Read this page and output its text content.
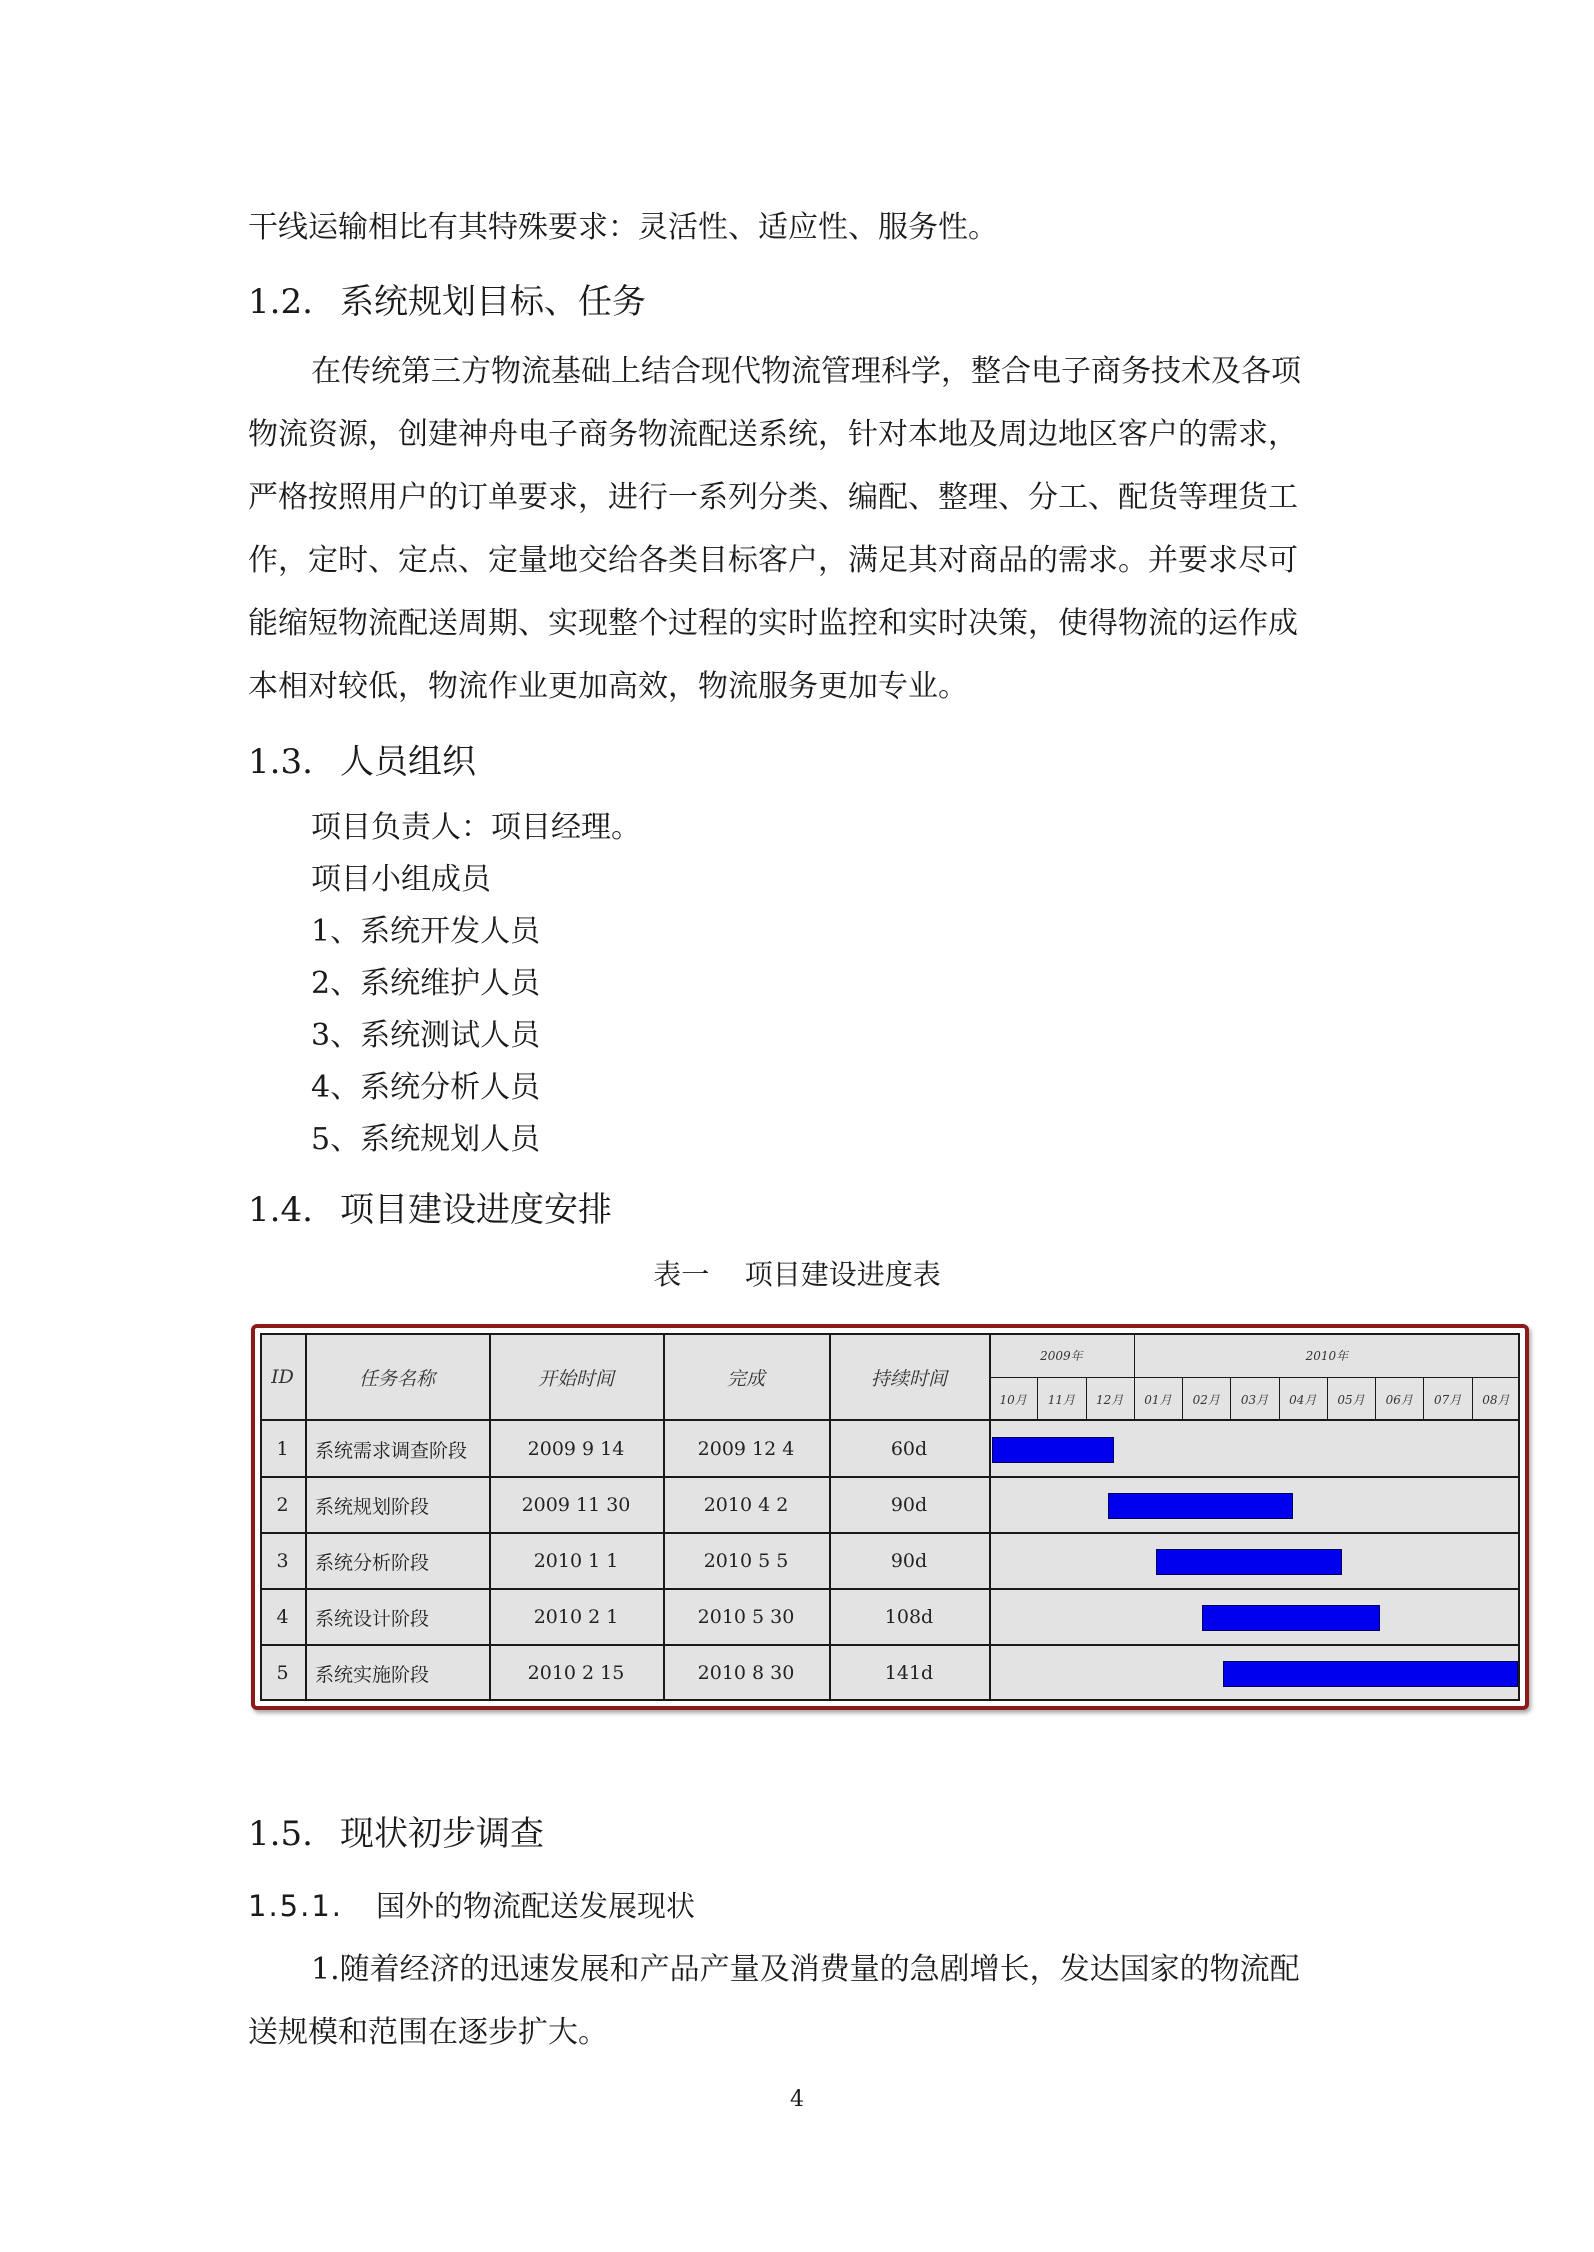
干线运输相比有其特殊要求：灵活性、适应性、服务性。
1.2. 系统规划目标、任务
在传统第三方物流基础上结合现代物流管理科学，整合电子商务技术及各项
物流资源，创建神舟电子商务物流配送系统，针对本地及周边地区客户的需求，
严格按照用户的订单要求，进行一系列分类、编配、整理、分工、配货等理货工
作，定时、定点、定量地交给各类目标客户，满足其对商品的需求。并要求尽可
能缩短物流配送周期、实现整个过程的实时监控和实时决策，使得物流的运作成
本相对较低，物流作业更加高效，物流服务更加专业。
1.3. 人员组织
项目负责人：项目经理。
项目小组成员
1、系统开发人员
2、系统维护人员
3、系统测试人员
4、系统分析人员
5、系统规划人员
1.4. 项目建设进度安排
表一    项目建设进度表
ID	任务名称	开始时间	完成	持续时间
2009年	2010年
10月	11月	12月	01月	02月	03月	04月	05月	06月	07月	08月
1	系统需求调查阶段	2009 9 14	2009 12 4	60d
2	系统规划阶段	2009 11 30	2010 4 2	90d
3	系统分析阶段	2010 1 1	2010 5 5	90d
4	系统设计阶段	2010 2 1	2010 5 30	108d
5	系统实施阶段	2010 2 15	2010 8 30	141d
1.5. 现状初步调查
1.5.1. 国外的物流配送发展现状
1.随着经济的迅速发展和产品产量及消费量的急剧增长，发达国家的物流配
送规模和范围在逐步扩大。
4
